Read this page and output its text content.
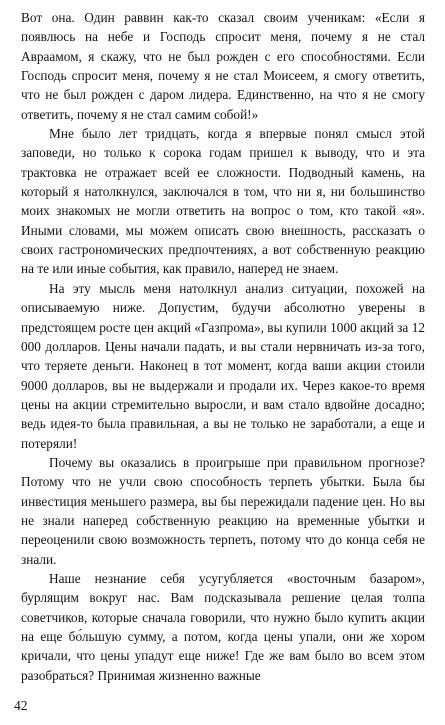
Вот она. Один раввин как-то сказал своим ученикам: «Если я появлюсь на небе и Господь спросит меня, почему я не стал Авраамом, я скажу, что не был рожден с его способностями. Если Господь спросит меня, почему я не стал Моисеем, я смогу ответить, что не был рожден с даром лидера. Единственно, на что я не смогу ответить, почему я не стал самим собой!»

Мне было лет тридцать, когда я впервые понял смысл этой заповеди, но только к сорока годам пришел к выводу, что и эта трактовка не отражает всей ее сложности. Подводный камень, на который я натолкнулся, заключался в том, что ни я, ни большинство моих знакомых не могли ответить на вопрос о том, кто такой «я». Иными словами, мы можем описать свою внешность, рассказать о своих гастрономических предпочтениях, а вот собственную реакцию на те или иные события, как правило, наперед не знаем.

На эту мысль меня натолкнул анализ ситуации, похожей на описываемую ниже. Допустим, будучи абсолютно уверены в предстоящем росте цен акций «Газпрома», вы купили 1000 акций за 12 000 долларов. Цены начали падать, и вы стали нервничать из-за того, что теряете деньги. Наконец в тот момент, когда ваши акции стоили 9000 долларов, вы не выдержали и продали их. Через какое-то время цены на акции стремительно выросли, и вам стало вдвойне досадно; ведь идея-то была правильная, а вы не только не заработали, а еще и потеряли!

Почему вы оказались в проигрыше при правильном прогнозе? Потому что не учли свою способность терпеть убытки. Была бы инвестиция меньшего размера, вы бы пережидали падение цен. Но вы не знали наперед собственную реакцию на временные убытки и переоценили свою возможность терпеть, потому что до конца себя не знали.

Наше незнание себя усугубляется «восточным базаром», бурлящим вокруг нас. Вам подсказывала решение целая толпа советчиков, которые сначала говорили, что нужно было купить акции на еще бо́льшую сумму, а потом, когда цены упали, они же хором кричали, что цены упадут еще ниже! Где же вам было во всем этом разобраться? Принимая жизненно важные

42
